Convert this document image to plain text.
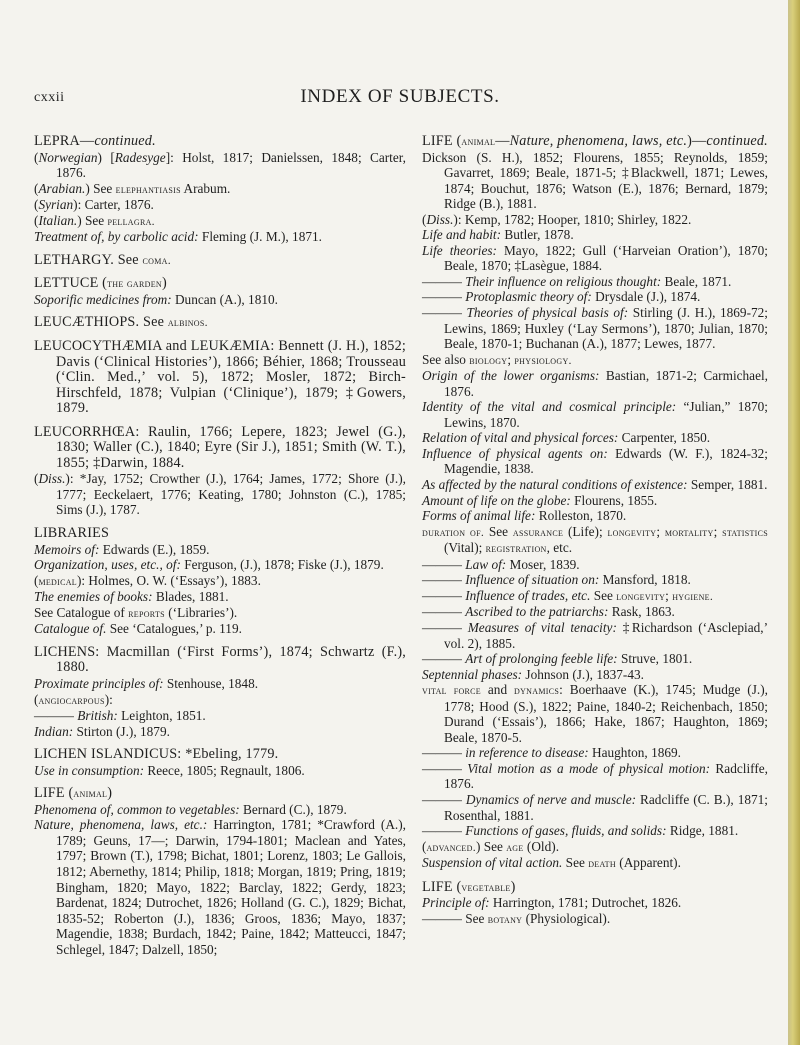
INDEX OF SUBJECTS.
cxxii

LEPRA—continued.

(Norwegian) [Radesyge]: Holst, 1817; Danielssen, 1848; Carter, 1876.

(Arabian.) See elephantiasis Arabum.

(Syrian): Carter, 1876.

(Italian.) See pellagra.

Treatment of, by carbolic acid: Fleming (J. M.), 1871.

LETHARGY. See coma.

LETTUCE (the garden)

Soporific medicines from: Duncan (A.), 1810.

LEUCÆTHIOPS. See albinos.

LEUCOCYTHÆMIA and LEUKÆMIA: Bennett (J. H.), 1852; Davis (‘Clinical Histories’), 1866; Béhier, 1868; Trousseau (‘Clin. Med.,’ vol. 5), 1872; Mosler, 1872; Birch-Hirschfeld, 1878; Vulpian (‘Clinique’), 1879; ‡Gowers, 1879.

LEUCORRHŒA: Raulin, 1766; Lepere, 1823; Jewel (G.), 1830; Waller (C.), 1840; Eyre (Sir J.), 1851; Smith (W. T.), 1855; ‡Darwin, 1884.

(Diss.): *Jay, 1752; Crowther (J.), 1764; James, 1772; Shore (J.), 1777; Eeckelaert, 1776; Keating, 1780; Johnston (C.), 1785; Sims (J.), 1787.

LIBRARIES

Memoirs of: Edwards (E.), 1859.

Organization, uses, etc., of: Ferguson, (J.), 1878; Fiske (J.), 1879.

(medical): Holmes, O. W. (‘Essays’), 1883.

The enemies of books: Blades, 1881.

See Catalogue of reports (‘Libraries’).

Catalogue of. See ‘Catalogues,’ p. 119.

LICHENS: Macmillan (‘First Forms’), 1874; Schwartz (F.), 1880.

Proximate principles of: Stenhouse, 1848.

(angiocarpous):

——— British: Leighton, 1851.

Indian: Stirton (J.), 1879.

LICHEN ISLANDICUS: *Ebeling, 1779.

Use in consumption: Reece, 1805; Regnault, 1806.

LIFE (animal)

Phenomena of, common to vegetables: Bernard (C.), 1879.

Nature, phenomena, laws, etc.: Harrington, 1781; *Crawford (A.), 1789; Geuns, 17—; Darwin, 1794-1801; Maclean and Yates, 1797; Brown (T.), 1798; Bichat, 1801; Lorenz, 1803; Le Gallois, 1812; Abernethy, 1814; Philip, 1818; Morgan, 1819; Pring, 1819; Bingham, 1820; Mayo, 1822; Barclay, 1822; Gerdy, 1823; Bardenat, 1824; Dutrochet, 1826; Holland (G. C.), 1829; Bichat, 1835-52; Roberton (J.), 1836; Groos, 1836; Mayo, 1837; Magendie, 1838; Burdach, 1842; Paine, 1842; Matteucci, 1847; Schlegel, 1847; Dalzell, 1850;

LIFE (animal—Nature, phenomena, laws, etc.)—continued.

Dickson (S. H.), 1852; Flourens, 1855; Reynolds, 1859; Gavarret, 1869; Beale, 1871-5; ‡Blackwell, 1871; Lewes, 1874; Bouchut, 1876; Watson (E.), 1876; Bernard, 1879; Ridge (B.), 1881.

(Diss.): Kemp, 1782; Hooper, 1810; Shirley, 1822.

Life and habit: Butler, 1878.

Life theories: Mayo, 1822; Gull (‘Harveian Oration’), 1870; Beale, 1870; ‡Lasègue, 1884.

——— Their influence on religious thought: Beale, 1871.

——— Protoplasmic theory of: Drysdale (J.), 1874.

——— Theories of physical basis of: Stirling (J. H.), 1869-72; Lewins, 1869; Huxley (‘Lay Sermons’), 1870; Julian, 1870; Beale, 1870-1; Buchanan (A.), 1877; Lewes, 1877.

See also biology; physiology.

Origin of the lower organisms: Bastian, 1871-2; Carmichael, 1876.

Identity of the vital and cosmical principle: “Julian,” 1870; Lewins, 1870.

Relation of vital and physical forces: Carpenter, 1850.

Influence of physical agents on: Edwards (W. F.), 1824-32; Magendie, 1838.

As affected by the natural conditions of existence: Semper, 1881.

Amount of life on the globe: Flourens, 1855.

Forms of animal life: Rolleston, 1870.

duration of. See assurance (Life); longevity; mortality; statistics (Vital); registration, etc.

——— Law of: Moser, 1839.

——— Influence of situation on: Mansford, 1818.

——— Influence of trades, etc. See longevity; hygiene.

——— Ascribed to the patriarchs: Rask, 1863.

——— Measures of vital tenacity: ‡Richardson (‘Asclepiad,’ vol. 2), 1885.

——— Art of prolonging feeble life: Struve, 1801.

Septennial phases: Johnson (J.), 1837-43.

vital force and dynamics: Boerhaave (K.), 1745; Mudge (J.), 1778; Hood (S.), 1822; Paine, 1840-2; Reichenbach, 1850; Durand (‘Essais’), 1866; Hake, 1867; Haughton, 1869; Beale, 1870-5.

——— in reference to disease: Haughton, 1869.

——— Vital motion as a mode of physical motion: Radcliffe, 1876.

——— Dynamics of nerve and muscle: Radcliffe (C. B.), 1871; Rosenthal, 1881.

——— Functions of gases, fluids, and solids: Ridge, 1881.

(advanced.) See age (Old).

Suspension of vital action. See death (Apparent).

LIFE (vegetable)

Principle of: Harrington, 1781; Dutrochet, 1826.

——— See botany (Physiological).
